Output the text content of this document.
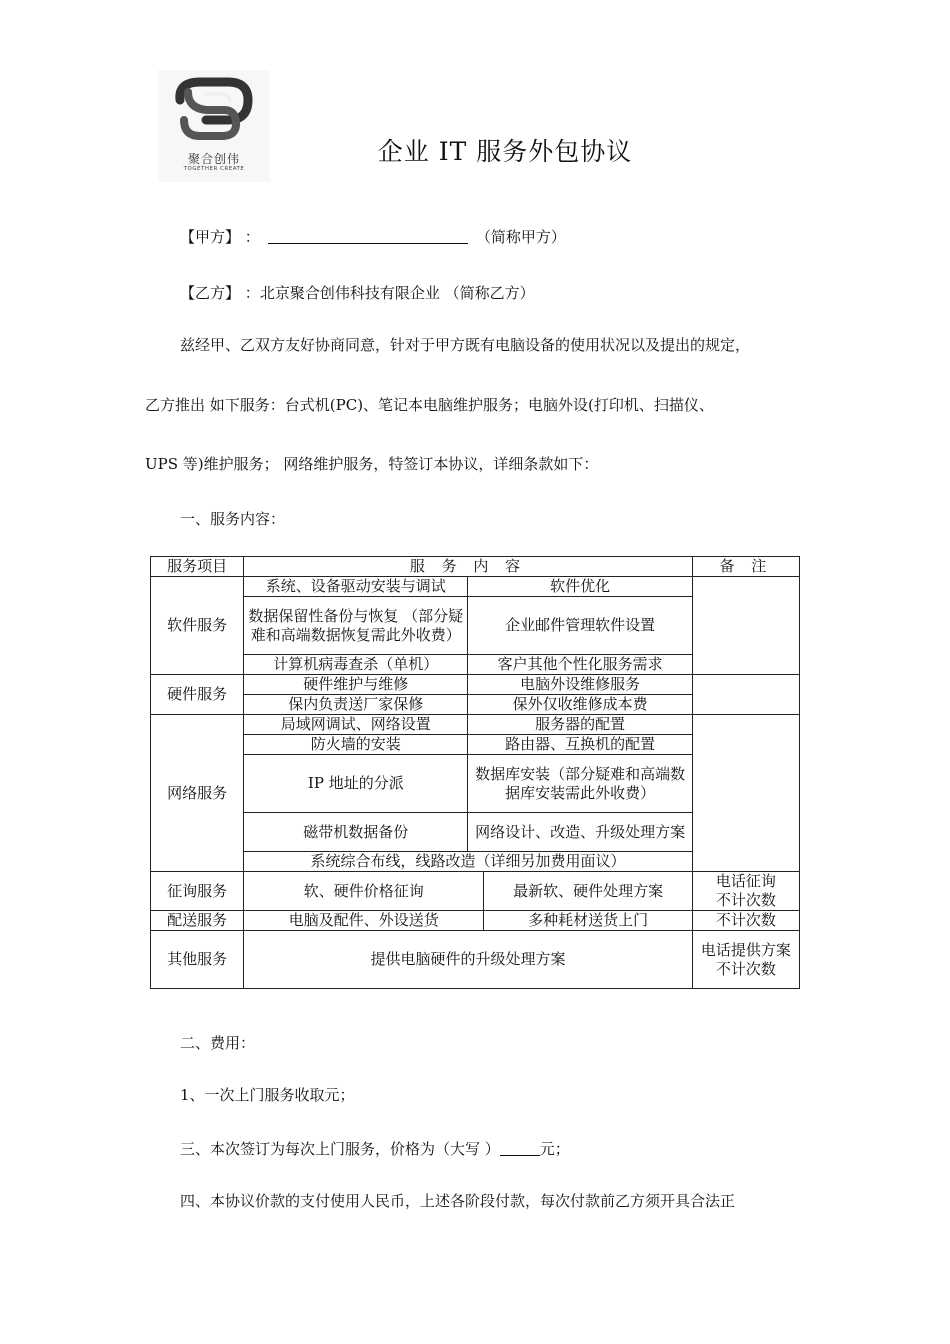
聚合创伟
TOGETHER CREATE
企业 IT 服务外包协议
【甲方】 ：	（简称甲方）
【乙方】 ：北京聚合创伟科技有限企业 （简称乙方）
兹经甲、乙双方友好协商同意，针对于甲方既有电脑设备的使用状况以及提出的规定，
乙方推出 如下服务：台式机(PC)、笔记本电脑维护服务；电脑外设(打印机、扫描仪、
UPS 等)维护服务； 网络维护服务，特签订本协议，详细条款如下：
一、服务内容：
服务项目	服 务 内 容			备 注
软件服务	系统、设备驱动安装与调试	软件优化		
	数据保留性备份与恢复 （部分疑 难和高端数据恢复需此外收费）	企业邮件管理软件设置		
	计算机病毒查杀（单机）	客户其他个性化服务需求		
硬件服务	硬件维护与维修	电脑外设维修服务		
	保内负责送厂家保修	保外仅收维修成本费		
网络服务	局域网调试、网络设置	服务器的配置		
	防火墙的安装	路由器、互换机的配置		
	IP 地址的分派	数据库安装（部分疑难和高端数 据库安装需此外收费）		
	磁带机数据备份	网络设计、改造、升级处理方案		
	系统综合布线，线路改造（详细另加费用面议）			
征询服务	软、硬件价格征询		最新软、硬件处理方案	电话征询
不计次数
配送服务	电脑及配件、外设送货		多种耗材送货上门	不计次数
其他服务	提供电脑硬件的升级处理方案			电话提供方案
不计次数
二、费用：
1、一次上门服务收取元；
三、本次签订为每次上门服务，价格为（大写 ）	元；
四、本协议价款的支付使用人民币，上述各阶段付款，每次付款前乙方须开具合法正
